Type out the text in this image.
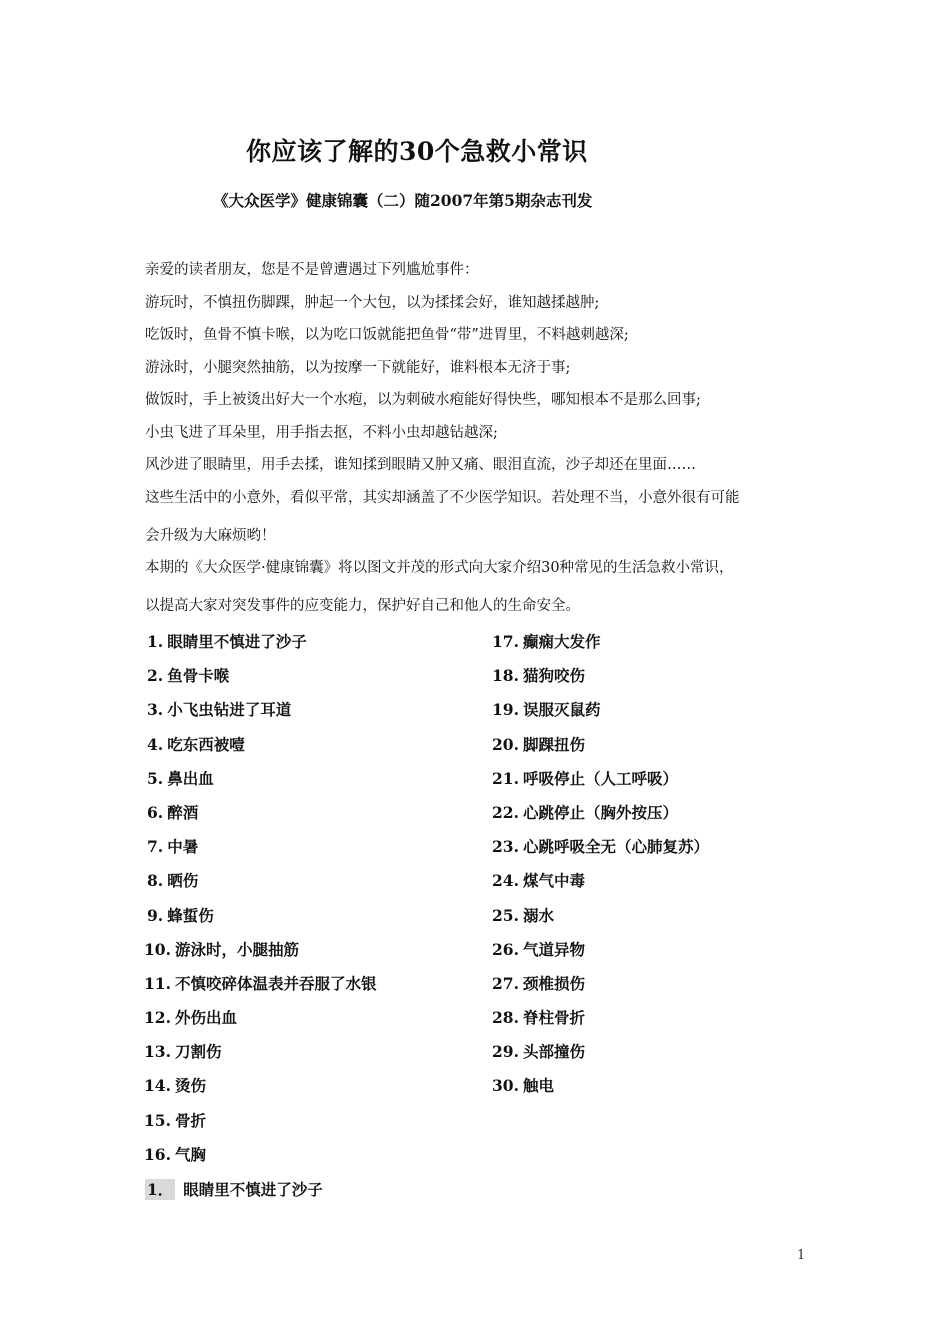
你应该了解的30个急救小常识
《大众医学》健康锦囊（二）随2007年第5期杂志刊发
亲爱的读者朋友，您是不是曾遭遇过下列尴尬事件：
游玩时，不慎扭伤脚踝，肿起一个大包，以为揉揉会好，谁知越揉越肿;
吃饭时，鱼骨不慎卡喉，以为吃口饭就能把鱼骨“带”进胃里，不料越刺越深;
游泳时，小腿突然抽筋，以为按摩一下就能好，谁料根本无济于事;
做饭时，手上被烫出好大一个水疱，以为刺破水疱能好得快些，哪知根本不是那么回事;
小虫飞进了耳朵里，用手指去抠，不料小虫却越钻越深;
风沙进了眼睛里，用手去揉，谁知揉到眼睛又肿又痛、眼泪直流，沙子却还在里面……
这些生活中的小意外，看似平常，其实却涵盖了不少医学知识。若处理不当，小意外很有可能
会升级为大麻烦哟！
本期的《大众医学·健康锦囊》将以图文并茂的形式向大家介绍30种常见的生活急救小常识，
以提高大家对突发事件的应变能力，保护好自己和他人的生命安全。
1. 眼睛里不慎进了沙子
2. 鱼骨卡喉
3. 小飞虫钻进了耳道
4. 吃东西被噎
5. 鼻出血
6. 醉酒
7. 中暑
8. 晒伤
9. 蜂蜇伤
10. 游泳时，小腿抽筋
11. 不慎咬碎体温表并吞服了水银
12. 外伤出血
13. 刀割伤
14. 烫伤
15. 骨折
16. 气胸
17. 癫痫大发作
18. 猫狗咬伤
19. 误服灭鼠药
20. 脚踝扭伤
21. 呼吸停止（人工呼吸）
22. 心跳停止（胸外按压）
23. 心跳呼吸全无（心肺复苏）
24. 煤气中毒
25. 溺水
26. 气道异物
27. 颈椎损伤
28. 脊柱骨折
29. 头部撞伤
30. 触电
1． 眼睛里不慎进了沙子
1
